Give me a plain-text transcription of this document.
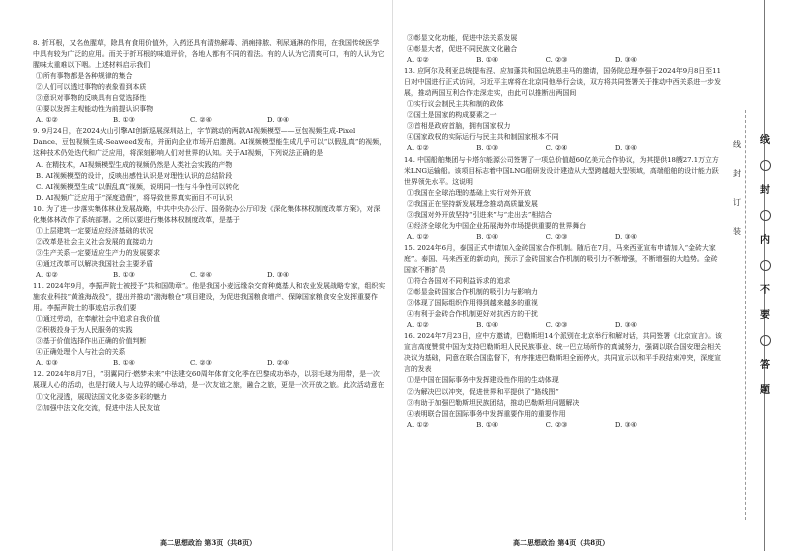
8. 折耳根，又名鱼腥草，除具有食用价值外，入药还具有清热解毒、消痈排脓、利尿通淋的作用，在我国传统医学中具有较为广泛的应用。而关于折耳根的味道评价，各地人都有不同的看法。有的人认为它清爽可口，有的人认为它腥味太重难以下咽。上述材料启示我们

①所有事物都是各种规律的集合

②人们可以透过事物的表象看到本质

③意识对事物的反映具有自觉选择性

④要以发挥主观能动性为前提认识事物

A. ①②	B. ①③	C. ②④	D. ③④

9. 9月24日，在2024火山引擎AI创新巡展深圳站上，字节跳动的两款AI视频模型——豆包视频生成-Pixel Dance、豆包视频生成-Seaweed发布，并面向企业市场开启邀测。AI视频模型能生成几乎可以“以假乱真”的视频，这种技术仍处迭代和广泛应用，将深刻影响人们对世界的认知。关于AI视频，下列说法正确的是

A. 在精技术，AI视频模型生成的视频仍然是人类社会实践的产物

B. AI视频模型的设计，反映出感性认识是对理性认识的总结阶段

C. AI视频模型生成“以假乱真”视频，说明同一性与斗争性可以转化

D. AI视频广泛应用于“深度造假”，将导致世界真实面目不可认识

10. 为了进一步落实集体林业发展战略，中共中央办公厅、国务院办公厅印发《深化集体林权制度改革方案》，对深化集体林改作了系统部署。之所以要进行集体林权制度改革，是基于

①上层建筑一定要适应经济基础的状况

②改革是社会主义社会发展的直接动力

③生产关系一定要适应生产力的发展要求

④通过改革可以解决我国社会主要矛盾

A. ①②	B. ①③	C. ②④	D. ③④

11. 2024年9月，李振声院士被授予“共和国勋章”。他是我国小麦远缘杂交育种奠基人和农业发展战略专家，组织实施农业科技“黄淮海战役”，提出并推动“渤海粮仓”项目建设，为促进我国粮食增产、保障国家粮食安全发挥重要作用。李振声院士的事迹启示我们要

①通过劳动，在奉献社会中追求自我价值

②积极投身于为人民服务的实践

③基于价值选择作出正确的价值判断

④正确处理个人与社会的关系

A. ①③	B. ①④	C. ②③	D. ②④

12. 2024年8月7日，“羽翼同行·燃梦未来”中法建交60周年体育文化季在巴黎成功举办，以羽毛球为用带，是一次展现人心的活动，也是打破人与人边界的暖心举动，是一次友谊之旅，融合之旅，更是一次开放之旅。此次活动意在

①文化浸透，展现法国文化多姿多彩的魅力

②加强中法文化交流，促进中法人民友谊

高二思想政治 第3页（共8页）

③彰显文化功能，促进中法关系发展

④彰显大者，促进不同民族文化融合

A. ①②	B. ①④	C. ②③	D. ③④

13. 应阿尔及利亚总统提布涅、应加蓬共和国总统恩圭马的邀请，国务院总理李强于2024年9月8日至11日对中国进行正式访问，习近平主席将在北京同他举行会谈，双方将共同签署关于推动中西关系进一步发展，推动两国互利合作走深走实，由此可以推断出两国间

①实行议会制民主共和制的政体

②国土是国家的构成要素之一

③首相是政府首脑，拥有国家权力

④国家政权的实际运行与民主共和制国家根本不同

A. ①②	B. ①③	C. ②④	D. ③④

14. 中国船舶集团与卡塔尔能源公司签署了一项总价值超60亿美元合作协议，为其提供18艘27.1万立方米LNG运输船。该项目标志着中国LNG船研发设计建造从大型跨越超大型领域，高端船舶的设计能力跃世界领先水平。这说明

①我国在全球治理的基础上实行对外开放

②我国正在坚持新发展理念推动高质量发展

③我国对外开放坚持“引进来”与“走出去”相结合

④经济全球化为中国企业拓展海外市场提供重要的世界舞台

A. ①②	B. ①④	C. ②③	D. ③④

15. 2024年6月，泰国正式申请加入金砖国家合作机制。随后在7月，马来西亚宣布申请加入“金砖大家庭”。泰国、马来西亚的新动向，预示了金砖国家合作机制的吸引力不断增强，不断增强的大趋势。金砖国家不断扩员

①符合各国对不同利益诉求的追求

②彰显金砖国家合作机制的吸引力与影响力

③体现了国际组织作用得到越来越多的重视

④有利于金砖合作机制更好对抗西方的干扰

A. ①②	B. ①④	C. ②③	D. ③④

16. 2024年7月23日，应中方邀请，巴勒斯坦14个派别在北京举行和解对话，共同签署《北京宣言》。该宣言高度赞赏中国为支持巴勒斯坦人民民族事业、统一巴立场所作的真诚努力，强调以联合国安理会相关决议为基础，同意在联合国监督下，有序推进巴勒斯坦全面停火，共同宣示以和平手段结束冲突，深度宣言的发表

①是中国在国际事务中发挥建设性作用的生动体现

②为解决巴以冲突，促进世界和平提供了“路线图”

③有助于加强巴勒斯坦民族团结，推动巴勒斯坦问题解决

④表明联合国在国际事务中发挥重要作用的重要作用

A. ①②	B. ①④	C. ②③	D. ③④
高二思想政治 第4页（共8页）
线
封
订
装
线
封
内
不
要
答
题
